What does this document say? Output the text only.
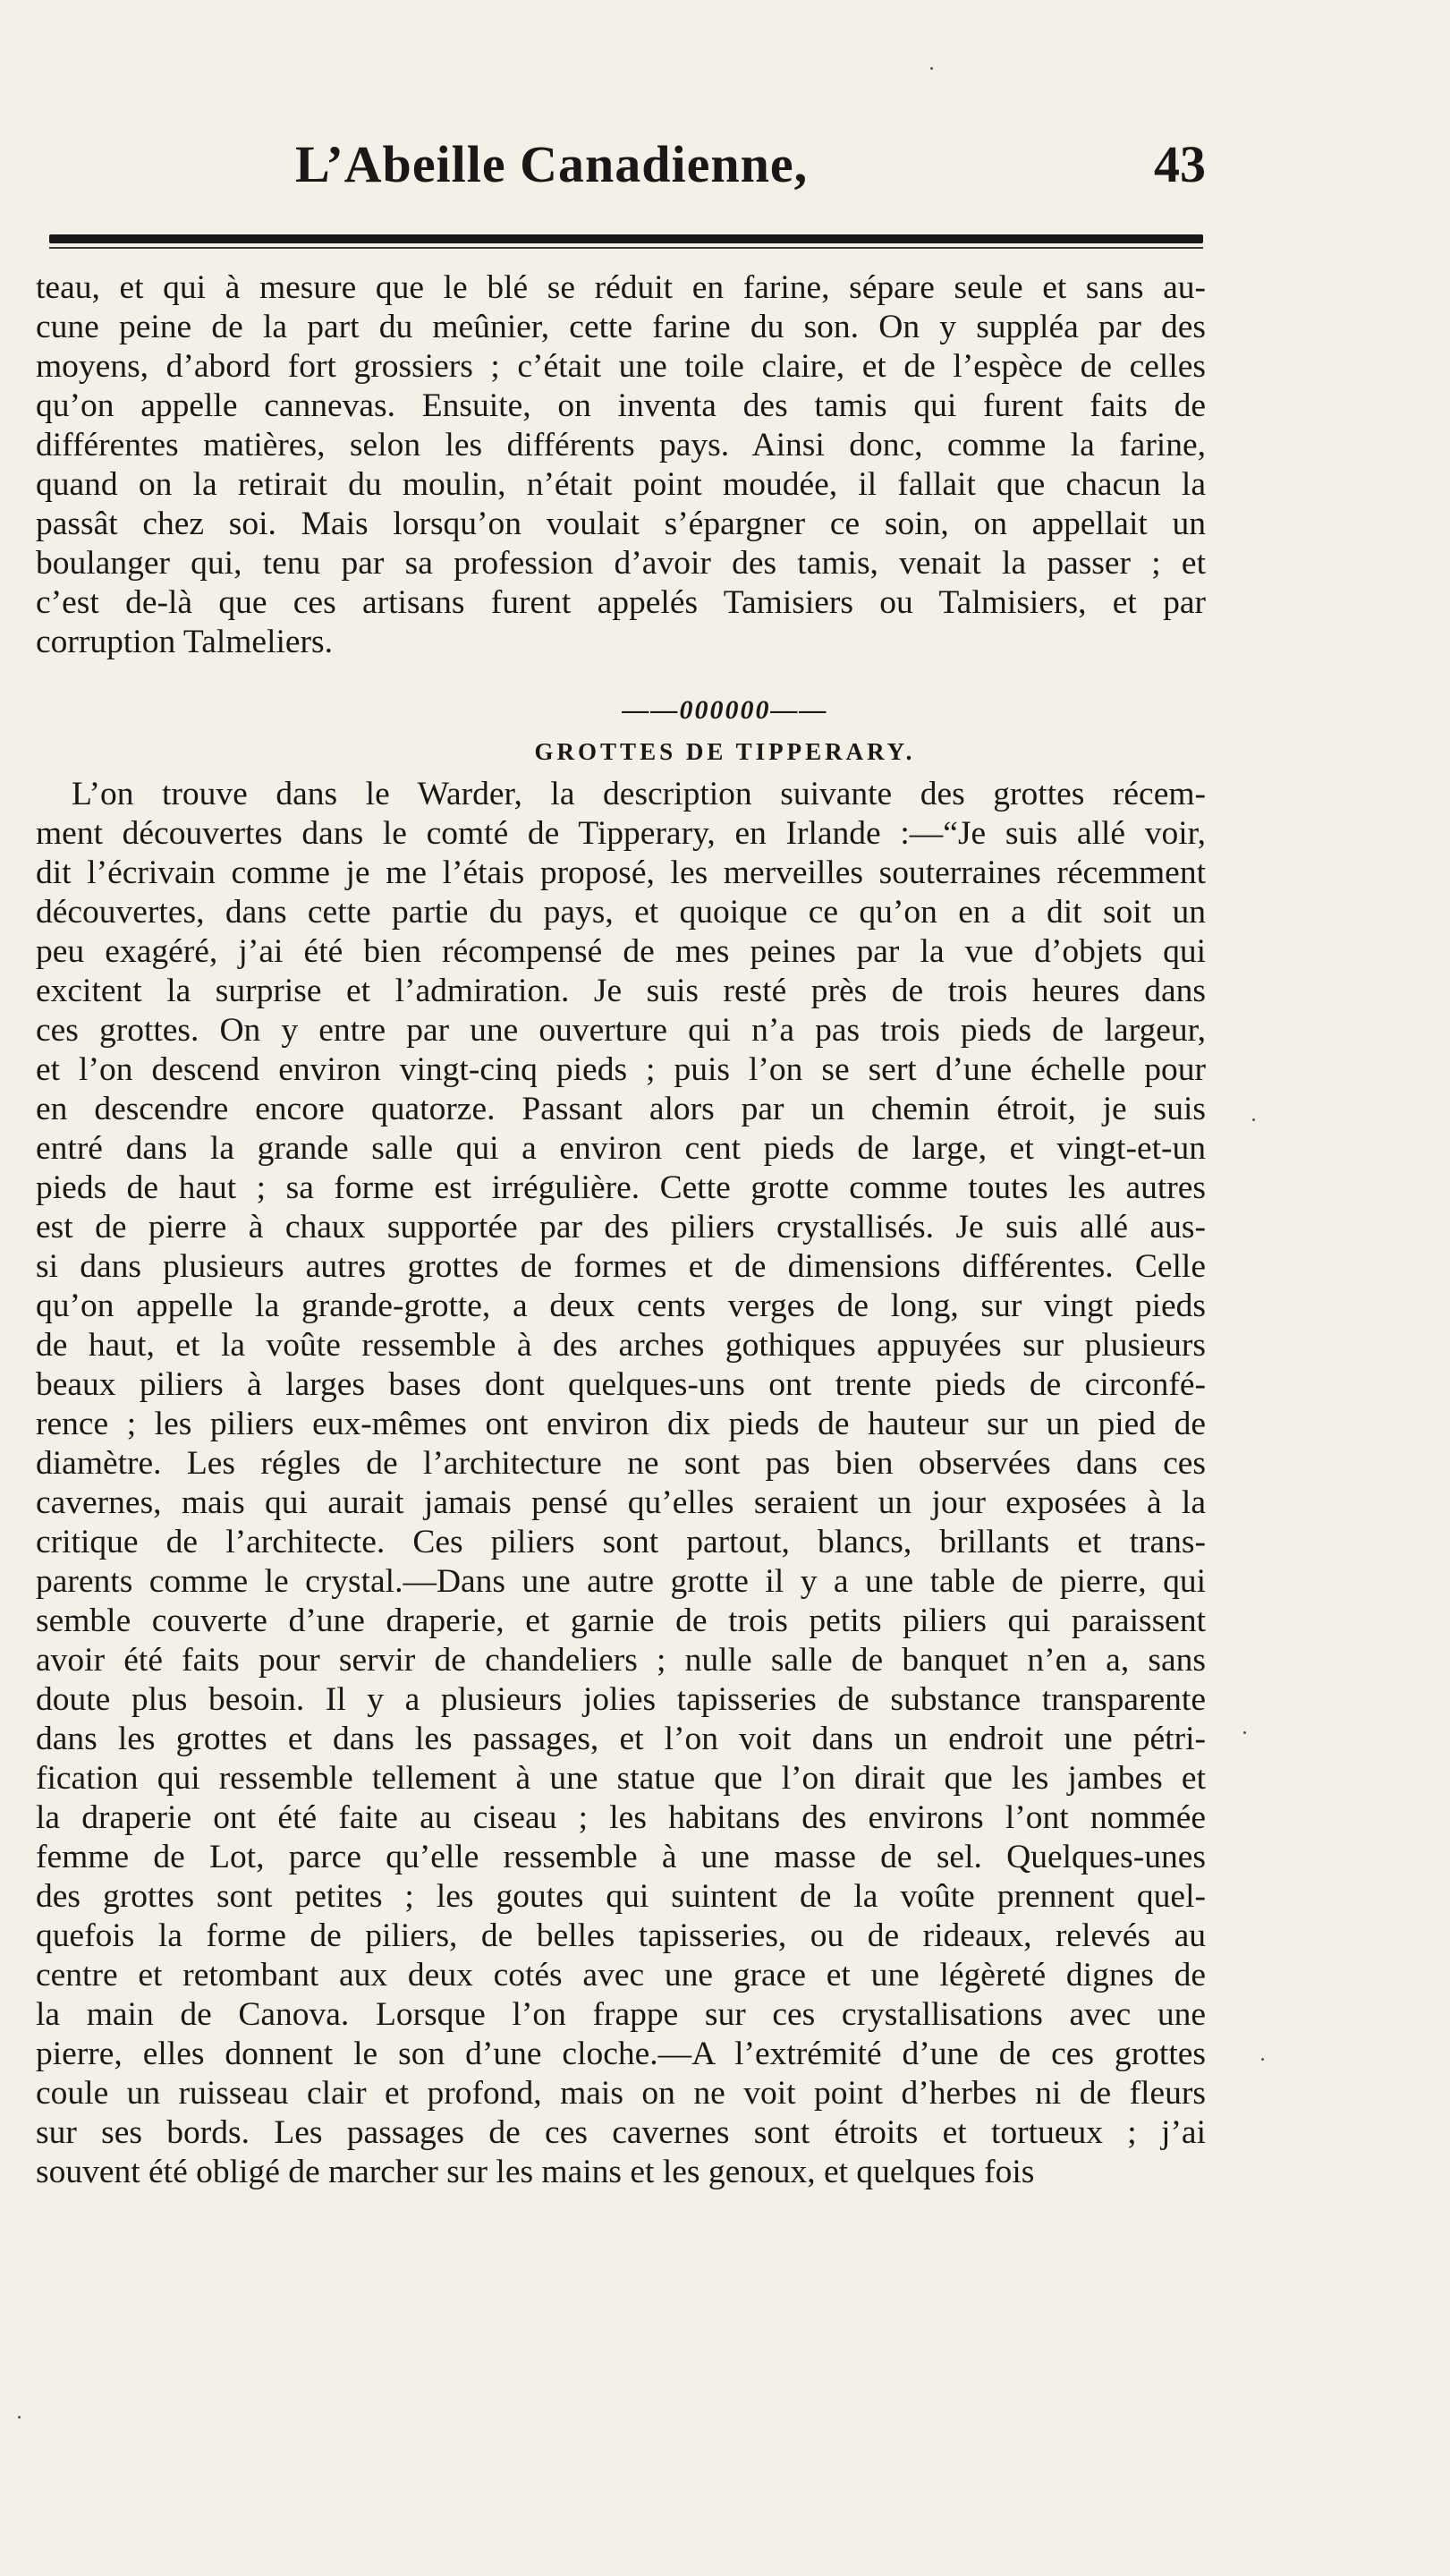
L’Abeille Canadienne,	43
teau, et qui à mesure que le blé se réduit en farine, sépare seule et sans au-
cune peine de la part du meûnier, cette farine du son. On y suppléa par des
moyens, d’abord fort grossiers ; c’était une toile claire, et de l’espèce de celles
qu’on appelle cannevas. Ensuite, on inventa des tamis qui furent faits de
différentes matières, selon les différents pays. Ainsi donc, comme la farine,
quand on la retirait du moulin, n’était point moudée, il fallait que chacun la
passât chez soi. Mais lorsqu’on voulait s’épargner ce soin, on appellait un
boulanger qui, tenu par sa profession d’avoir des tamis, venait la passer ; et
c’est de-là que ces artisans furent appelés Tamisiers ou Talmisiers, et par
corruption Talmeliers.
——000000——
GROTTES DE TIPPERARY.
L’on trouve dans le Warder, la description suivante des grottes récem-
ment découvertes dans le comté de Tipperary, en Irlande :—“Je suis allé voir,
dit l’écrivain comme je me l’étais proposé, les merveilles souterraines récemment
découvertes, dans cette partie du pays, et quoique ce qu’on en a dit soit un
peu exagéré, j’ai été bien récompensé de mes peines par la vue d’objets qui
excitent la surprise et l’admiration. Je suis resté près de trois heures dans
ces grottes. On y entre par une ouverture qui n’a pas trois pieds de largeur,
et l’on descend environ vingt-cinq pieds ; puis l’on se sert d’une échelle pour
en descendre encore quatorze. Passant alors par un chemin étroit, je suis
entré dans la grande salle qui a environ cent pieds de large, et vingt-et-un
pieds de haut ; sa forme est irrégulière. Cette grotte comme toutes les autres
est de pierre à chaux supportée par des piliers crystallisés. Je suis allé aus-
si dans plusieurs autres grottes de formes et de dimensions différentes. Celle
qu’on appelle la grande-grotte, a deux cents verges de long, sur vingt pieds
de haut, et la voûte ressemble à des arches gothiques appuyées sur plusieurs
beaux piliers à larges bases dont quelques-uns ont trente pieds de circonfé-
rence ; les piliers eux-mêmes ont environ dix pieds de hauteur sur un pied de
diamètre. Les régles de l’architecture ne sont pas bien observées dans ces
cavernes, mais qui aurait jamais pensé qu’elles seraient un jour exposées à la
critique de l’architecte. Ces piliers sont partout, blancs, brillants et trans-
parents comme le crystal.—Dans une autre grotte il y a une table de pierre, qui
semble couverte d’une draperie, et garnie de trois petits piliers qui paraissent
avoir été faits pour servir de chandeliers ; nulle salle de banquet n’en a, sans
doute plus besoin. Il y a plusieurs jolies tapisseries de substance transparente
dans les grottes et dans les passages, et l’on voit dans un endroit une pétri-
fication qui ressemble tellement à une statue que l’on dirait que les jambes et
la draperie ont été faite au ciseau ; les habitans des environs l’ont nommée
femme de Lot, parce qu’elle ressemble à une masse de sel. Quelques-unes
des grottes sont petites ; les goutes qui suintent de la voûte prennent quel-
quefois la forme de piliers, de belles tapisseries, ou de rideaux, relevés au
centre et retombant aux deux cotés avec une grace et une légèreté dignes de
la main de Canova. Lorsque l’on frappe sur ces crystallisations avec une
pierre, elles donnent le son d’une cloche.—A l’extrémité d’une de ces grottes
coule un ruisseau clair et profond, mais on ne voit point d’herbes ni de fleurs
sur ses bords. Les passages de ces cavernes sont étroits et tortueux ; j’ai
souvent été obligé de marcher sur les mains et les genoux, et quelques fois
